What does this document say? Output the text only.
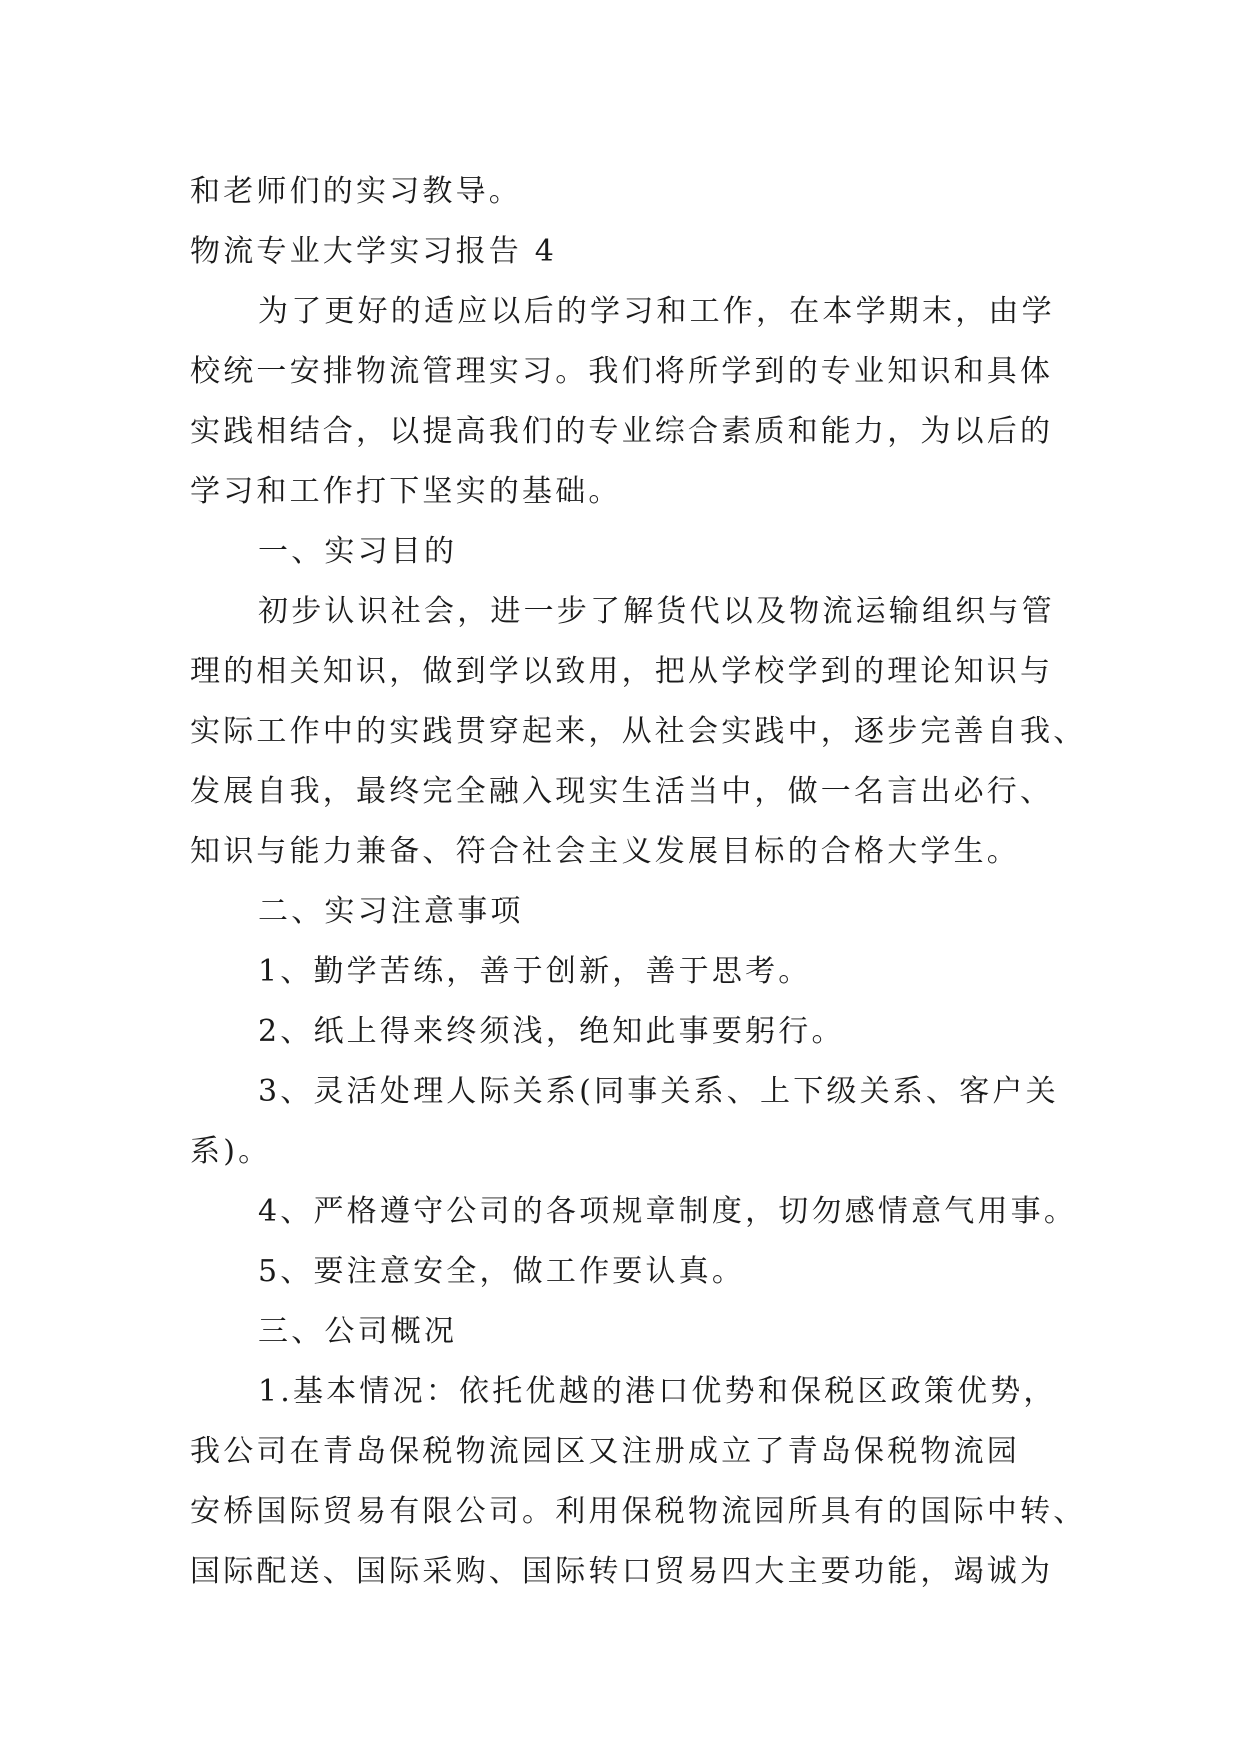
和老师们的实习教导。
物流专业大学实习报告 4
为了更好的适应以后的学习和工作，在本学期末，由学
校统一安排物流管理实习。我们将所学到的专业知识和具体
实践相结合，以提高我们的专业综合素质和能力，为以后的
学习和工作打下坚实的基础。
一、实习目的
初步认识社会，进一步了解货代以及物流运输组织与管
理的相关知识，做到学以致用，把从学校学到的理论知识与
实际工作中的实践贯穿起来，从社会实践中，逐步完善自我、
发展自我，最终完全融入现实生活当中，做一名言出必行、
知识与能力兼备、符合社会主义发展目标的合格大学生。
二、实习注意事项
1、勤学苦练，善于创新，善于思考。
2、纸上得来终须浅，绝知此事要躬行。
3、灵活处理人际关系(同事关系、上下级关系、客户关
系)。
4、严格遵守公司的各项规章制度，切勿感情意气用事。
5、要注意安全，做工作要认真。
三、公司概况
1.基本情况：依托优越的港口优势和保税区政策优势，
我公司在青岛保税物流园区又注册成立了青岛保税物流园
安桥国际贸易有限公司。利用保税物流园所具有的国际中转、
国际配送、国际采购、国际转口贸易四大主要功能，竭诚为
